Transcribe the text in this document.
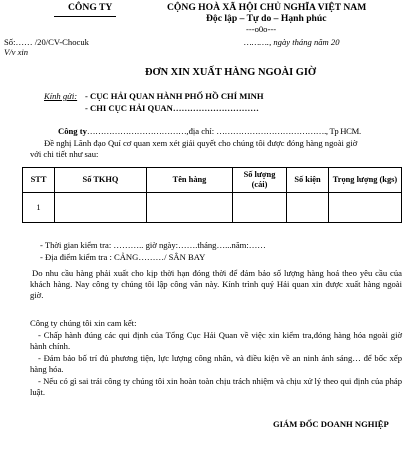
CÔNG TY	CỘNG HOÀ XÃ HỘI CHỦ NGHĨA VIỆT NAM
Độc lập – Tự do – Hạnh phúc
---o0o---
Số:…… /20/CV-Chocuk	………., ngày tháng năm 20
V/v xin
ĐƠN XIN XUẤT HÀNG NGOÀI GIỜ
Kính gửi: - CỤC HẢI QUAN HÀNH PHỐ HỒ CHÍ MINH
- CHI CỤC HẢI QUAN…………………………
Công ty………………………………,địa chỉ: …………………………………., Tp HCM.
Đề nghị Lãnh đạo Quí cơ quan xem xét giải quyết cho chúng tôi được đóng hàng ngoài giờ
với chi tiết như sau:
STT	Số TKHQ	Tên hàng	Số lượng (cái)	Số kiện	Trọng lượng (kgs)
1					
- Thời gian kiểm tra: ……….. giờ ngày:…….tháng…...năm:……
- Địa điểm kiểm tra : CẢNG………/ SÂN BAY
Do nhu cầu hàng phải xuất cho kịp thời hạn đóng thời để đảm bảo số lượng hàng hoá theo yêu cầu của khách hàng. Nay công ty chúng tôi lập công văn này. Kính trình quý Hải quan xin được xuất hàng ngoài giờ.
Công ty chúng tôi xin cam kết:
- Chấp hành đúng các qui định của Tổng Cục Hải Quan về việc xin kiểm tra,đóng hàng hóa ngoài giờ hành chính.
- Đảm bảo bố trí đủ phương tiện, lực lượng công nhân, và điều kiện về an ninh ánh sáng… để bốc xếp hàng hóa.
- Nếu có gì sai trái công ty chúng tôi xin hoàn toàn chịu trách nhiệm và chịu xử lý theo qui định của pháp luật.
GIÁM ĐỐC DOANH NGHIỆP
